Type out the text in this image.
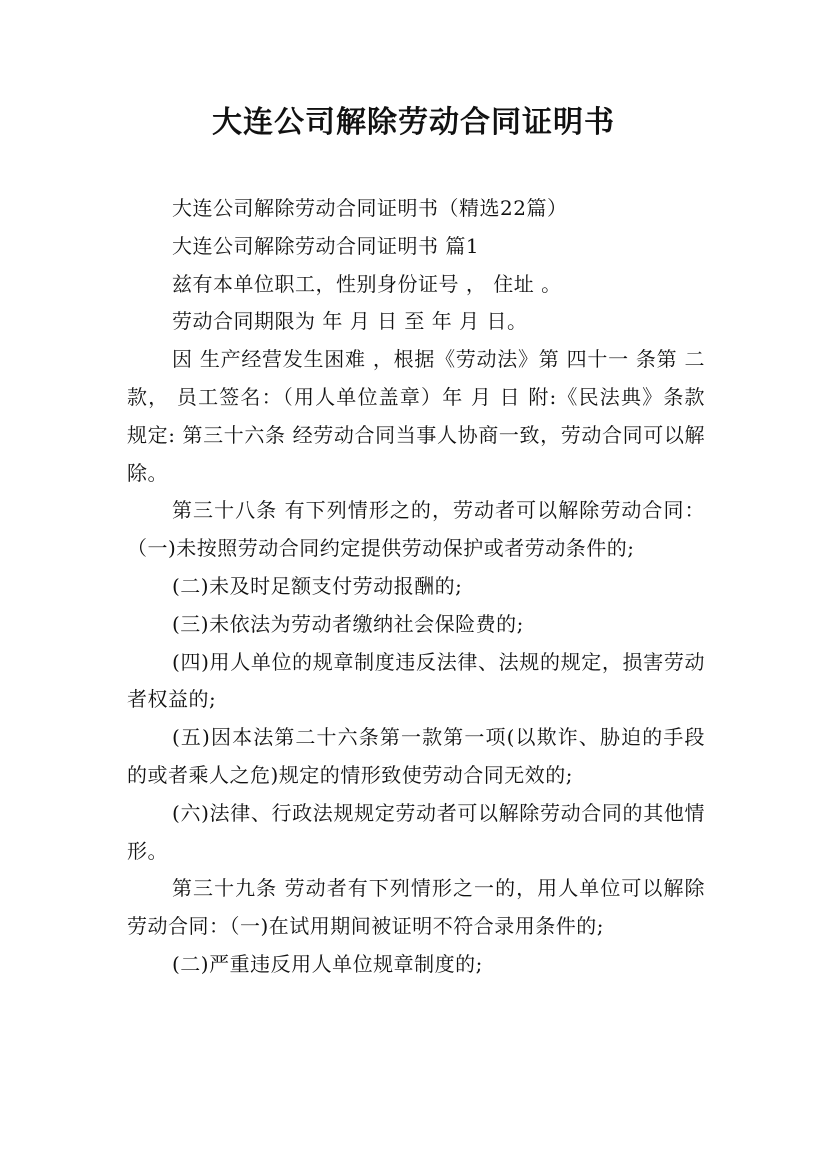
大连公司解除劳动合同证明书

大连公司解除劳动合同证明书（精选22篇）

大连公司解除劳动合同证明书 篇1

兹有本单位职工，性别身份证号 ， 住址 。

劳动合同期限为 年 月 日 至 年 月 日。

因 生产经营发生困难 ，根据《劳动法》第 四十一 条第 二 款， 员工签名：（用人单位盖章）年 月 日 附:《民法典》条款规定: 第三十六条 经劳动合同当事人协商一致，劳动合同可以解除。

第三十八条 有下列情形之的，劳动者可以解除劳动合同：（一)未按照劳动合同约定提供劳动保护或者劳动条件的;

(二)未及时足额支付劳动报酬的;

(三)未依法为劳动者缴纳社会保险费的;

(四)用人单位的规章制度违反法律、法规的规定，损害劳动者权益的;

(五)因本法第二十六条第一款第一项(以欺诈、胁迫的手段的或者乘人之危)规定的情形致使劳动合同无效的;

(六)法律、行政法规规定劳动者可以解除劳动合同的其他情形。

第三十九条 劳动者有下列情形之一的，用人单位可以解除劳动合同：（一)在试用期间被证明不符合录用条件的;

(二)严重违反用人单位规章制度的;
